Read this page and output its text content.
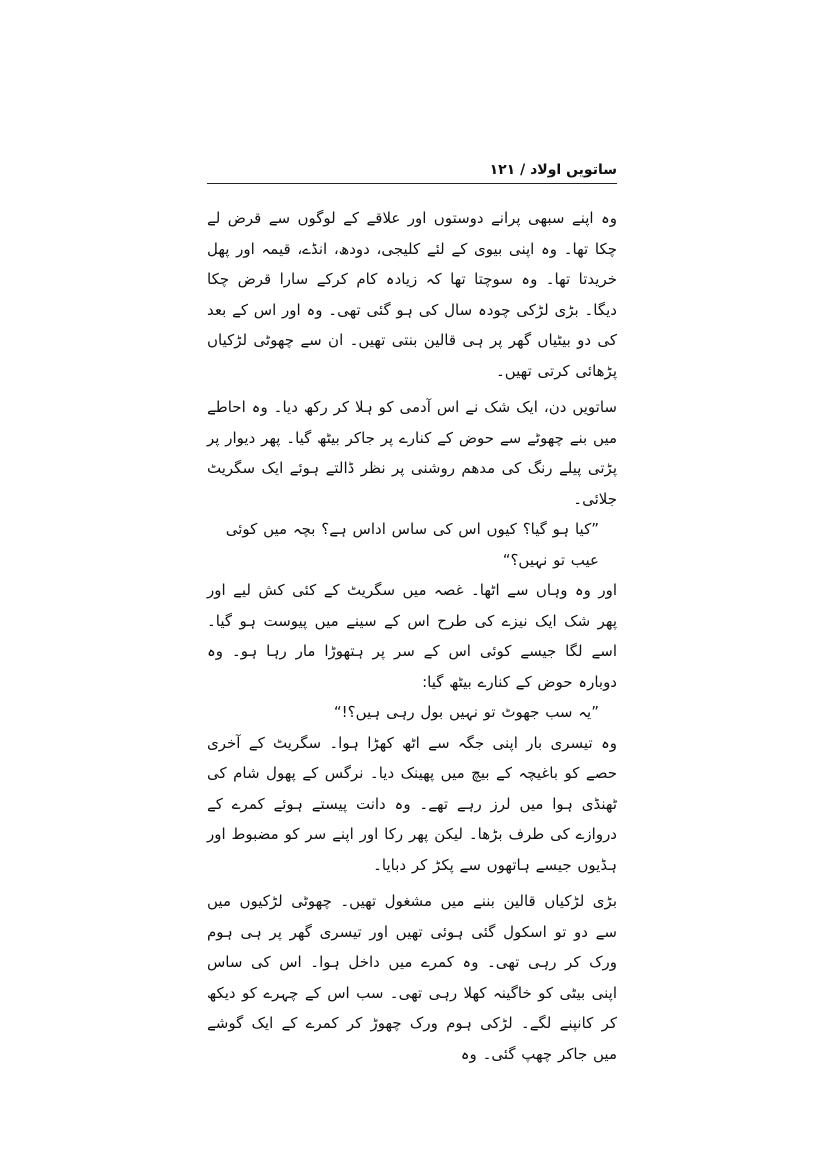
ساتویں اولاد / ۱۲۱

وہ اپنے سبھی پرانے دوستوں اور علاقے کے لوگوں سے قرض لے چکا تھا۔ وہ اپنی بیوی کے لئے کلیجی، دودھ، انڈے، قیمہ اور پھل خریدتا تھا۔ وہ سوچتا تھا کہ زیادہ کام کرکے سارا قرض چکا دیگا۔ بڑی لڑکی چودہ سال کی ہو گئی تھی۔ وہ اور اس کے بعد کی دو بیٹیاں گھر پر ہی قالین بنتی تھیں۔ ان سے چھوٹی لڑکیاں پڑھائی کرتی تھیں۔

ساتویں دن، ایک شک نے اس آدمی کو ہلا کر رکھ دیا۔ وہ احاطے میں بنے چھوٹے سے حوض کے کنارے پر جاکر بیٹھ گیا۔ پھر دیوار پر پڑتی پیلے رنگ کی مدھم روشنی پر نظر ڈالتے ہوئے ایک سگریٹ جلائی۔

”کیا ہو گیا؟ کیوں اس کی ساس اداس ہے؟ بچہ میں کوئی عیب تو نہیں؟“

اور وہ وہاں سے اٹھا۔ غصہ میں سگریٹ کے کئی کش لیے اور پھر شک ایک نیزے کی طرح اس کے سینے میں پیوست ہو گیا۔ اسے لگا جیسے کوئی اس کے سر پر ہتھوڑا مار رہا ہو۔ وہ دوبارہ حوض کے کنارے بیٹھ گیا:

”یہ سب جھوٹ تو نہیں بول رہی ہیں؟!“

وہ تیسری بار اپنی جگہ سے اٹھ کھڑا ہوا۔ سگریٹ کے آخری حصے کو باغیچہ کے بیچ میں پھینک دیا۔ نرگس کے پھول شام کی ٹھنڈی ہوا میں لرز رہے تھے۔ وہ دانت پیستے ہوئے کمرے کے دروازے کی طرف بڑھا۔ لیکن پھر رکا اور اپنے سر کو مضبوط اور ہڈیوں جیسے ہاتھوں سے پکڑ کر دبایا۔

بڑی لڑکیاں قالین بننے میں مشغول تھیں۔ چھوٹی لڑکیوں میں سے دو تو اسکول گئی ہوئی تھیں اور تیسری گھر پر ہی ہوم ورک کر رہی تھی۔ وہ کمرے میں داخل ہوا۔ اس کی ساس اپنی بیٹی کو خاگینہ کھلا رہی تھی۔ سب اس کے چہرے کو دیکھ کر کانپنے لگے۔ لڑکی ہوم ورک چھوڑ کر کمرے کے ایک گوشے میں جاکر چھپ گئی۔ وہ
